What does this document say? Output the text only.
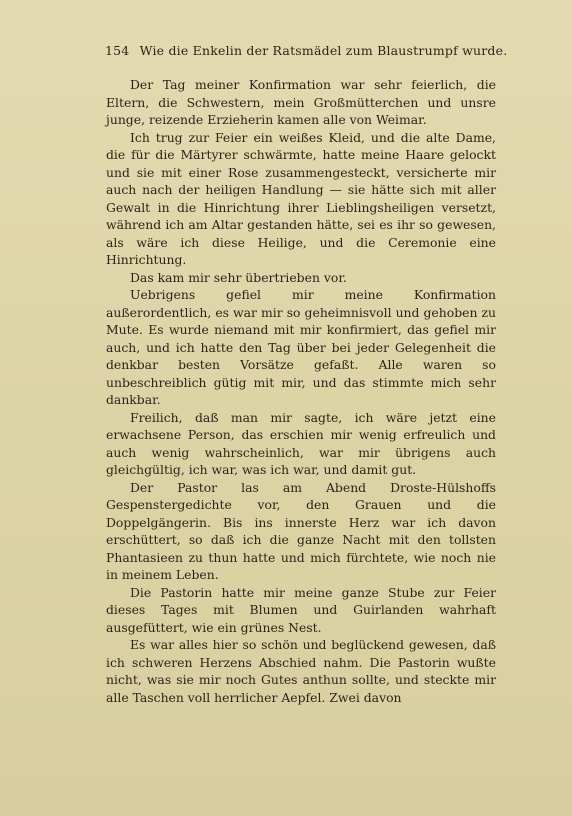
154 Wie die Enkelin der Ratsmädel zum Blaustrumpf wurde.

Der Tag meiner Konfirmation war sehr feierlich, die Eltern, die Schwestern, mein Großmütterchen und unsre junge, reizende Erzieherin kamen alle von Weimar.

Ich trug zur Feier ein weißes Kleid, und die alte Dame, die für die Märtyrer schwärmte, hatte meine Haare gelockt und sie mit einer Rose zusammengesteckt, versicherte mir auch nach der heiligen Handlung — sie hätte sich mit aller Gewalt in die Hinrichtung ihrer Lieblingsheiligen versetzt, während ich am Altar gestanden hätte, sei es ihr so gewesen, als wäre ich diese Heilige, und die Ceremonie eine Hinrichtung.

Das kam mir sehr übertrieben vor.

Uebrigens gefiel mir meine Konfirmation außerordentlich, es war mir so geheimnisvoll und gehoben zu Mute. Es wurde niemand mit mir konfirmiert, das gefiel mir auch, und ich hatte den Tag über bei jeder Gelegenheit die denkbar besten Vorsätze gefaßt. Alle waren so unbeschreiblich gütig mit mir, und das stimmte mich sehr dankbar.

Freilich, daß man mir sagte, ich wäre jetzt eine erwachsene Person, das erschien mir wenig erfreulich und auch wenig wahrscheinlich, war mir übrigens auch gleichgültig, ich war, was ich war, und damit gut.

Der Pastor las am Abend Droste-Hülshoffs Gespenstergedichte vor, den Grauen und die Doppelgängerin. Bis ins innerste Herz war ich davon erschüttert, so daß ich die ganze Nacht mit den tollsten Phantasieen zu thun hatte und mich fürchtete, wie noch nie in meinem Leben.

Die Pastorin hatte mir meine ganze Stube zur Feier dieses Tages mit Blumen und Guirlanden wahrhaft ausgefüttert, wie ein grünes Nest.

Es war alles hier so schön und beglückend gewesen, daß ich schweren Herzens Abschied nahm. Die Pastorin wußte nicht, was sie mir noch Gutes anthun sollte, und steckte mir alle Taschen voll herrlicher Aepfel. Zwei davon
